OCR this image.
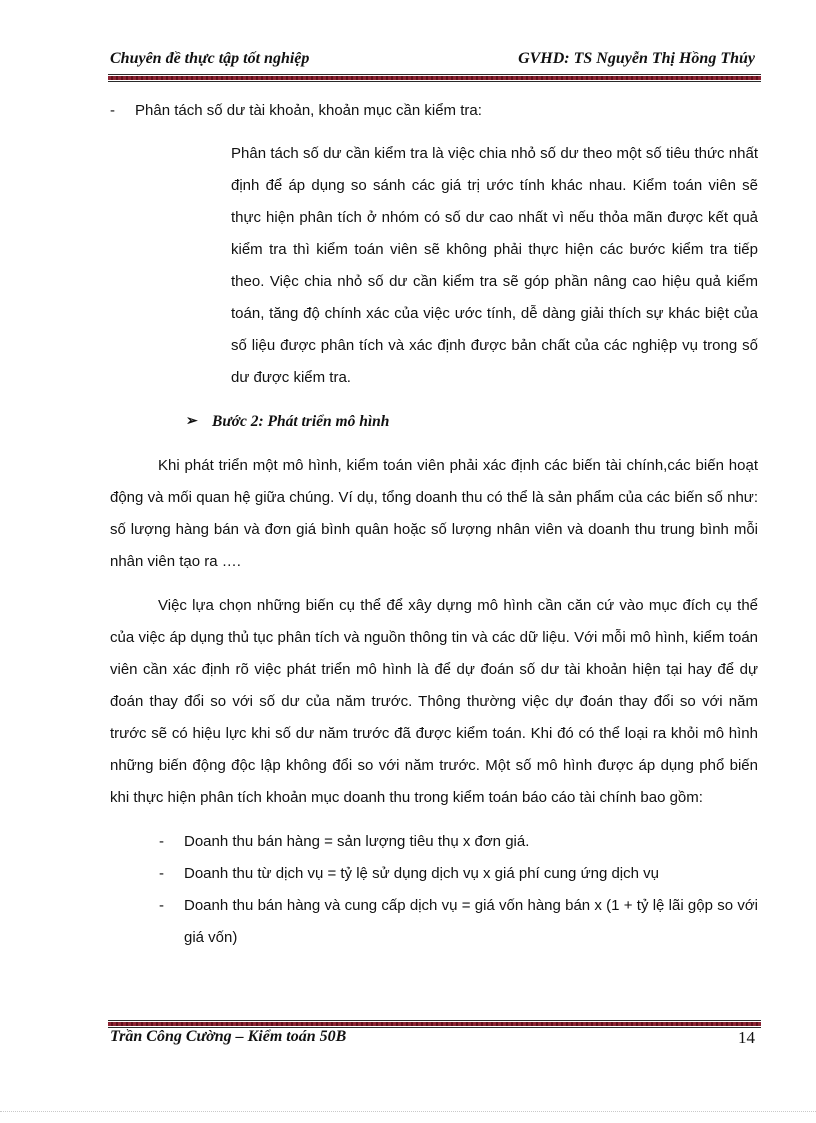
Chuyên đề thực tập tốt nghiệp	GVHD: TS Nguyễn Thị Hồng Thúy

- Phân tách số dư tài khoản, khoản mục cần kiểm tra:

Phân tách số dư cần kiểm tra là việc chia nhỏ số dư theo một số tiêu thức nhất định để áp dụng so sánh các giá trị ước tính khác nhau. Kiểm toán viên sẽ thực hiện phân tích ở nhóm có số dư cao nhất vì nếu thỏa mãn được kết quả kiểm tra thì kiểm toán viên sẽ không phải thực hiện các bước kiểm tra tiếp theo. Việc chia nhỏ số dư cần kiểm tra sẽ góp phần nâng cao hiệu quả kiểm toán, tăng độ chính xác của việc ước tính, dễ dàng giải thích sự khác biệt của số liệu được phân tích và xác định được bản chất của các nghiệp vụ trong số dư được kiểm tra.

➢ Bước 2: Phát triển mô hình

Khi phát triển một mô hình, kiểm toán viên phải xác định các biến tài chính,các biến hoạt động và mối quan hệ giữa chúng. Ví dụ, tổng doanh thu có thể là sản phẩm của các biến số như: số lượng hàng bán và đơn giá bình quân hoặc số lượng nhân viên và doanh thu trung bình mỗi nhân viên tạo ra ….

Việc lựa chọn những biến cụ thể để xây dựng mô hình cần căn cứ vào mục đích cụ thể của việc áp dụng thủ tục phân tích và nguồn thông tin và các dữ liệu. Với mỗi mô hình, kiểm toán viên cần xác định rõ việc phát triển mô hình là để dự đoán số dư tài khoản hiện tại hay để dự đoán thay đổi so với số dư của năm trước. Thông thường việc dự đoán thay đổi so với năm trước sẽ có hiệu lực khi số dư năm trước đã được kiểm toán. Khi đó có thể loại ra khỏi mô hình những biến động độc lập không đổi so với năm trước. Một số mô hình được áp dụng phổ biến khi thực hiện phân tích khoản mục doanh thu trong kiểm toán báo cáo tài chính bao gồm:

- Doanh thu bán hàng = sản lượng tiêu thụ x đơn giá.

- Doanh thu từ dịch vụ = tỷ lệ sử dụng dịch vụ x giá phí cung ứng dịch vụ

- Doanh thu bán hàng và cung cấp dịch vụ = giá vốn hàng bán x (1 + tỷ lệ lãi gộp so với giá vốn)

Trần Công Cường – Kiểm toán 50B	14
